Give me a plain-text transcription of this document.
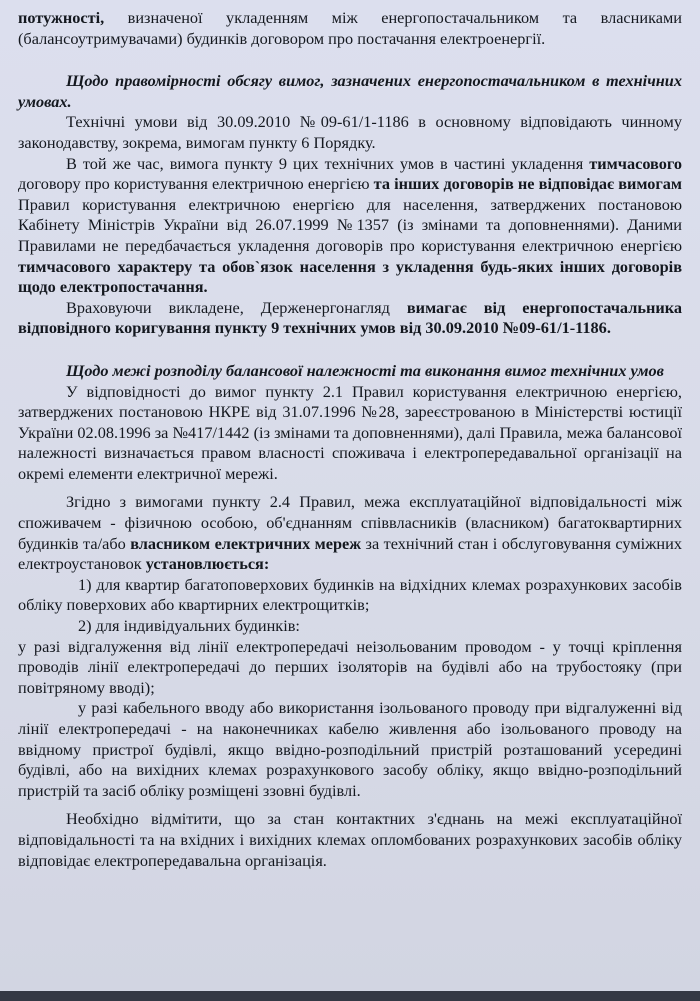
потужності, визначеної укладенням між енергопостачальником та власниками (балансоутримувачами) будинків договором про постачання електроенергії.

Щодо правомірності обсягу вимог, зазначених енергопостачальником в технічних умовах.

Технічні умови від 30.09.2010 №09-61/1-1186 в основному відповідають чинному законодавству, зокрема, вимогам пункту 6 Порядку.

В той же час, вимога пункту 9 цих технічних умов в частині укладення тимчасового договору про користування електричною енергією та інших договорів не відповідає вимогам Правил користування електричною енергією для населення, затверджених постановою Кабінету Міністрів України від 26.07.1999 №1357 (із змінами та доповненнями). Даними Правилами не передбачається укладення договорів про користування електричною енергією тимчасового характеру та обов`язок населення з укладення будь-яких інших договорів щодо електропостачання.

Враховуючи викладене, Держенергонагляд вимагає від енергопостачальника відповідного коригування пункту 9 технічних умов від 30.09.2010 №09-61/1-1186.

Щодо межі розподілу балансової належності та виконання вимог технічних умов

У відповідності до вимог пункту 2.1 Правил користування електричною енергією, затверджених постановою НКРЕ від 31.07.1996 №28, зареєстрованою в Міністерстві юстиції України 02.08.1996 за №417/1442 (із змінами та доповненнями), далі Правила, межа балансової належності визначається правом власності споживача і електропередавальної організації на окремі елементи електричної мережі.

Згідно з вимогами пункту 2.4 Правил, межа експлуатаційної відповідальності між споживачем - фізичною особою, об'єднанням співвласників (власником) багатоквартирних будинків та/або власником електричних мереж за технічний стан і обслуговування суміжних електроустановок установлюється:

1) для квартир багатоповерхових будинків на відхідних клемах розрахункових засобів обліку поверхових або квартирних електрощитків;

2) для індивідуальних будинків:

у разі відгалуження від лінії електропередачі неізольованим проводом - у точці кріплення проводів лінії електропередачі до перших ізоляторів на будівлі або на трубостояку (при повітряному вводі);

у разі кабельного вводу або використання ізольованого проводу при відгалуженні від лінії електропередачі - на наконечниках кабелю живлення або ізольованого проводу на ввідному пристрої будівлі, якщо ввідно-розподільний пристрій розташований усередині будівлі, або на вихідних клемах розрахункового засобу обліку, якщо ввідно-розподільний пристрій та засіб обліку розміщені ззовні будівлі.

Необхідно відмітити, що за стан контактних з'єднань на межі експлуатаційної відповідальності та на вхідних і вихідних клемах опломбованих розрахункових засобів обліку відповідає електропередавальна організація.
